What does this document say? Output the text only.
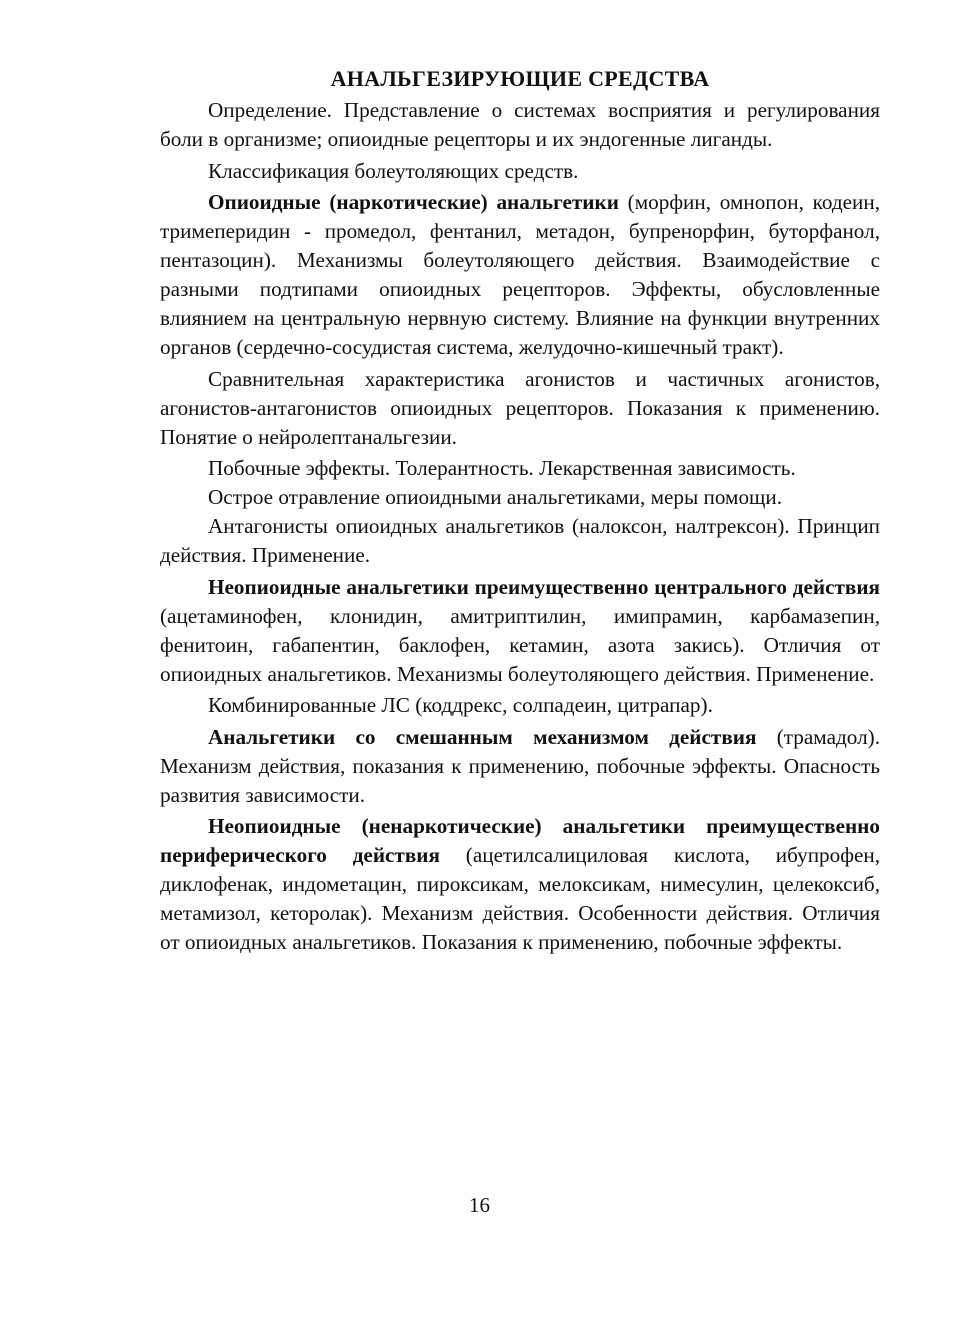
АНАЛЬГЕЗИРУЮЩИЕ СРЕДСТВА

Определение. Представление о системах восприятия и регулирования боли в организме; опиоидные рецепторы и их эндогенные лиганды.

Классификация болеутоляющих средств.

Опиоидные (наркотические) анальгетики (морфин, омнопон, кодеин, тримеперидин - промедол, фентанил, метадон, бупренорфин, буторфанол, пентазоцин). Механизмы болеутоляющего действия. Взаимодействие с разными подтипами опиоидных рецепторов. Эффекты, обусловленные влиянием на центральную нервную систему. Влияние на функции внутренних органов (сердечно-сосудистая система, желудочно-кишечный тракт).

Сравнительная характеристика агонистов и частичных агонистов, агонистов-антагонистов опиоидных рецепторов. Показания к применению. Понятие о нейролептанальгезии.

Побочные эффекты. Толерантность. Лекарственная зависимость.

Острое отравление опиоидными анальгетиками, меры помощи.

Антагонисты опиоидных анальгетиков (налоксон, налтрексон). Принцип действия. Применение.

Неопиоидные анальгетики преимущественно центрального действия (ацетаминофен, клонидин, амитриптилин, имипрамин, карбамазепин, фенитоин, габапентин, баклофен, кетамин, азота закись). Отличия от опиоидных анальгетиков. Механизмы болеутоляющего действия. Применение.

Комбинированные ЛС (коддрекс, солпадеин, цитрапар).

Анальгетики со смешанным механизмом действия (трамадол). Механизм действия, показания к применению, побочные эффекты. Опасность развития зависимости.

Неопиоидные (ненаркотические) анальгетики преимущественно периферического действия (ацетилсалициловая кислота, ибупрофен, диклофенак, индометацин, пироксикам, мелоксикам, нимесулин, целекоксиб, метамизол, кеторолак). Механизм действия. Особенности действия. Отличия от опиоидных анальгетиков. Показания к применению, побочные эффекты.

16
